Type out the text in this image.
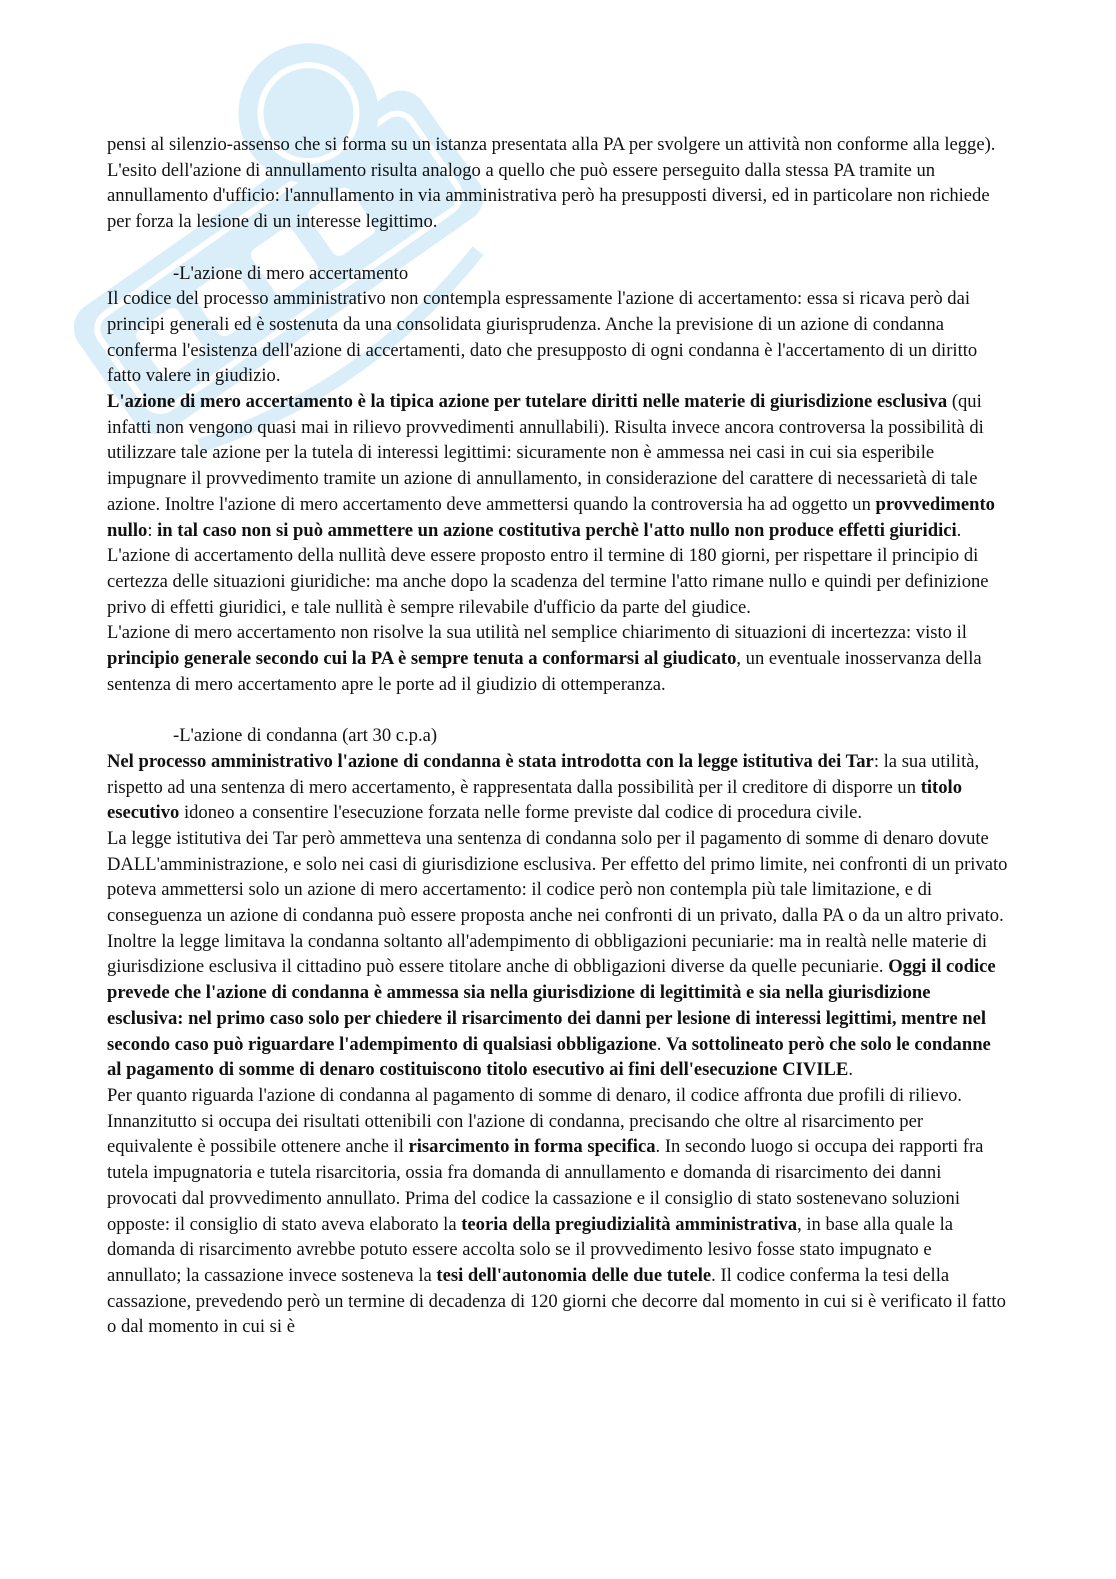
pensi al silenzio-assenso che si forma su un istanza presentata alla PA per svolgere un attività non conforme alla legge).

L'esito dell'azione di annullamento risulta analogo a quello che può essere perseguito dalla stessa PA tramite un annullamento d'ufficio: l'annullamento in via amministrativa però ha presupposti diversi, ed in particolare non richiede per forza la lesione di un interesse legittimo.

-L'azione di mero accertamento

Il codice del processo amministrativo non contempla espressamente l'azione di accertamento: essa si ricava però dai principi generali ed è sostenuta da una consolidata giurisprudenza. Anche la previsione di un azione di condanna conferma l'esistenza dell'azione di accertamenti, dato che presupposto di ogni condanna è l'accertamento di un diritto fatto valere in giudizio.

L'azione di mero accertamento è la tipica azione per tutelare diritti nelle materie di giurisdizione esclusiva (qui infatti non vengono quasi mai in rilievo provvedimenti annullabili). Risulta invece ancora controversa la possibilità di utilizzare tale azione per la tutela di interessi legittimi: sicuramente non è ammessa nei casi in cui sia esperibile impugnare il provvedimento tramite un azione di annullamento, in considerazione del carattere di necessarietà di tale azione. Inoltre l'azione di mero accertamento deve ammettersi quando la controversia ha ad oggetto un provvedimento nullo: in tal caso non si può ammettere un azione costitutiva perchè l'atto nullo non produce effetti giuridici. L'azione di accertamento della nullità deve essere proposto entro il termine di 180 giorni, per rispettare il principio di certezza delle situazioni giuridiche: ma anche dopo la scadenza del termine l'atto rimane nullo e quindi per definizione privo di effetti giuridici, e tale nullità è sempre rilevabile d'ufficio da parte del giudice.

L'azione di mero accertamento non risolve la sua utilità nel semplice chiarimento di situazioni di incertezza: visto il principio generale secondo cui la PA è sempre tenuta a conformarsi al giudicato, un eventuale inosservanza della sentenza di mero accertamento apre le porte ad il giudizio di ottemperanza.

-L'azione di condanna (art 30 c.p.a)

Nel processo amministrativo l'azione di condanna è stata introdotta con la legge istitutiva dei Tar: la sua utilità, rispetto ad una sentenza di mero accertamento, è rappresentata dalla possibilità per il creditore di disporre un titolo esecutivo idoneo a consentire l'esecuzione forzata nelle forme previste dal codice di procedura civile.

La legge istitutiva dei Tar però ammetteva una sentenza di condanna solo per il pagamento di somme di denaro dovute DALL'amministrazione, e solo nei casi di giurisdizione esclusiva. Per effetto del primo limite, nei confronti di un privato poteva ammettersi solo un azione di mero accertamento: il codice però non contempla più tale limitazione, e di conseguenza un azione di condanna può essere proposta anche nei confronti di un privato, dalla PA o da un altro privato. Inoltre la legge limitava la condanna soltanto all'adempimento di obbligazioni pecuniarie: ma in realtà nelle materie di giurisdizione esclusiva il cittadino può essere titolare anche di obbligazioni diverse da quelle pecuniarie. Oggi il codice prevede che l'azione di condanna è ammessa sia nella giurisdizione di legittimità e sia nella giurisdizione esclusiva: nel primo caso solo per chiedere il risarcimento dei danni per lesione di interessi legittimi, mentre nel secondo caso può riguardare l'adempimento di qualsiasi obbligazione. Va sottolineato però che solo le condanne al pagamento di somme di denaro costituiscono titolo esecutivo ai fini dell'esecuzione CIVILE.

Per quanto riguarda l'azione di condanna al pagamento di somme di denaro, il codice affronta due profili di rilievo. Innanzitutto si occupa dei risultati ottenibili con l'azione di condanna, precisando che oltre al risarcimento per equivalente è possibile ottenere anche il risarcimento in forma specifica. In secondo luogo si occupa dei rapporti fra tutela impugnatoria e tutela risarcitoria, ossia fra domanda di annullamento e domanda di risarcimento dei danni provocati dal provvedimento annullato. Prima del codice la cassazione e il consiglio di stato sostenevano soluzioni opposte: il consiglio di stato aveva elaborato la teoria della pregiudizialità amministrativa, in base alla quale la domanda di risarcimento avrebbe potuto essere accolta solo se il provvedimento lesivo fosse stato impugnato e annullato; la cassazione invece sosteneva la tesi dell'autonomia delle due tutele. Il codice conferma la tesi della cassazione, prevedendo però un termine di decadenza di 120 giorni che decorre dal momento in cui si è verificato il fatto o dal momento in cui si è
